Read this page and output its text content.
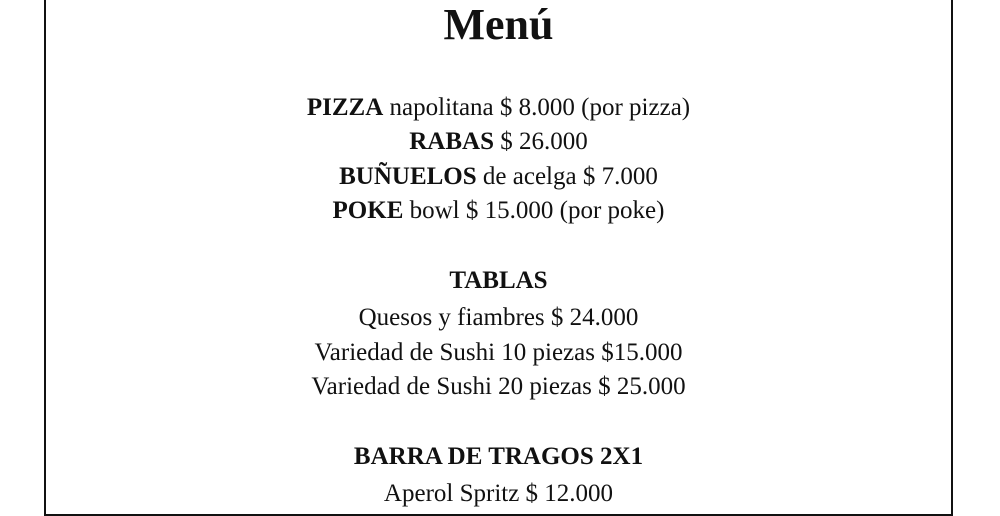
Menú
PIZZA napolitana $ 8.000 (por pizza)
RABAS $ 26.000
BUÑUELOS de acelga $ 7.000
POKE bowl $ 15.000 (por poke)
TABLAS
Quesos y fiambres $ 24.000
Variedad de Sushi 10 piezas $15.000
Variedad de Sushi 20 piezas $ 25.000
BARRA DE TRAGOS 2X1
Aperol Spritz $ 12.000
